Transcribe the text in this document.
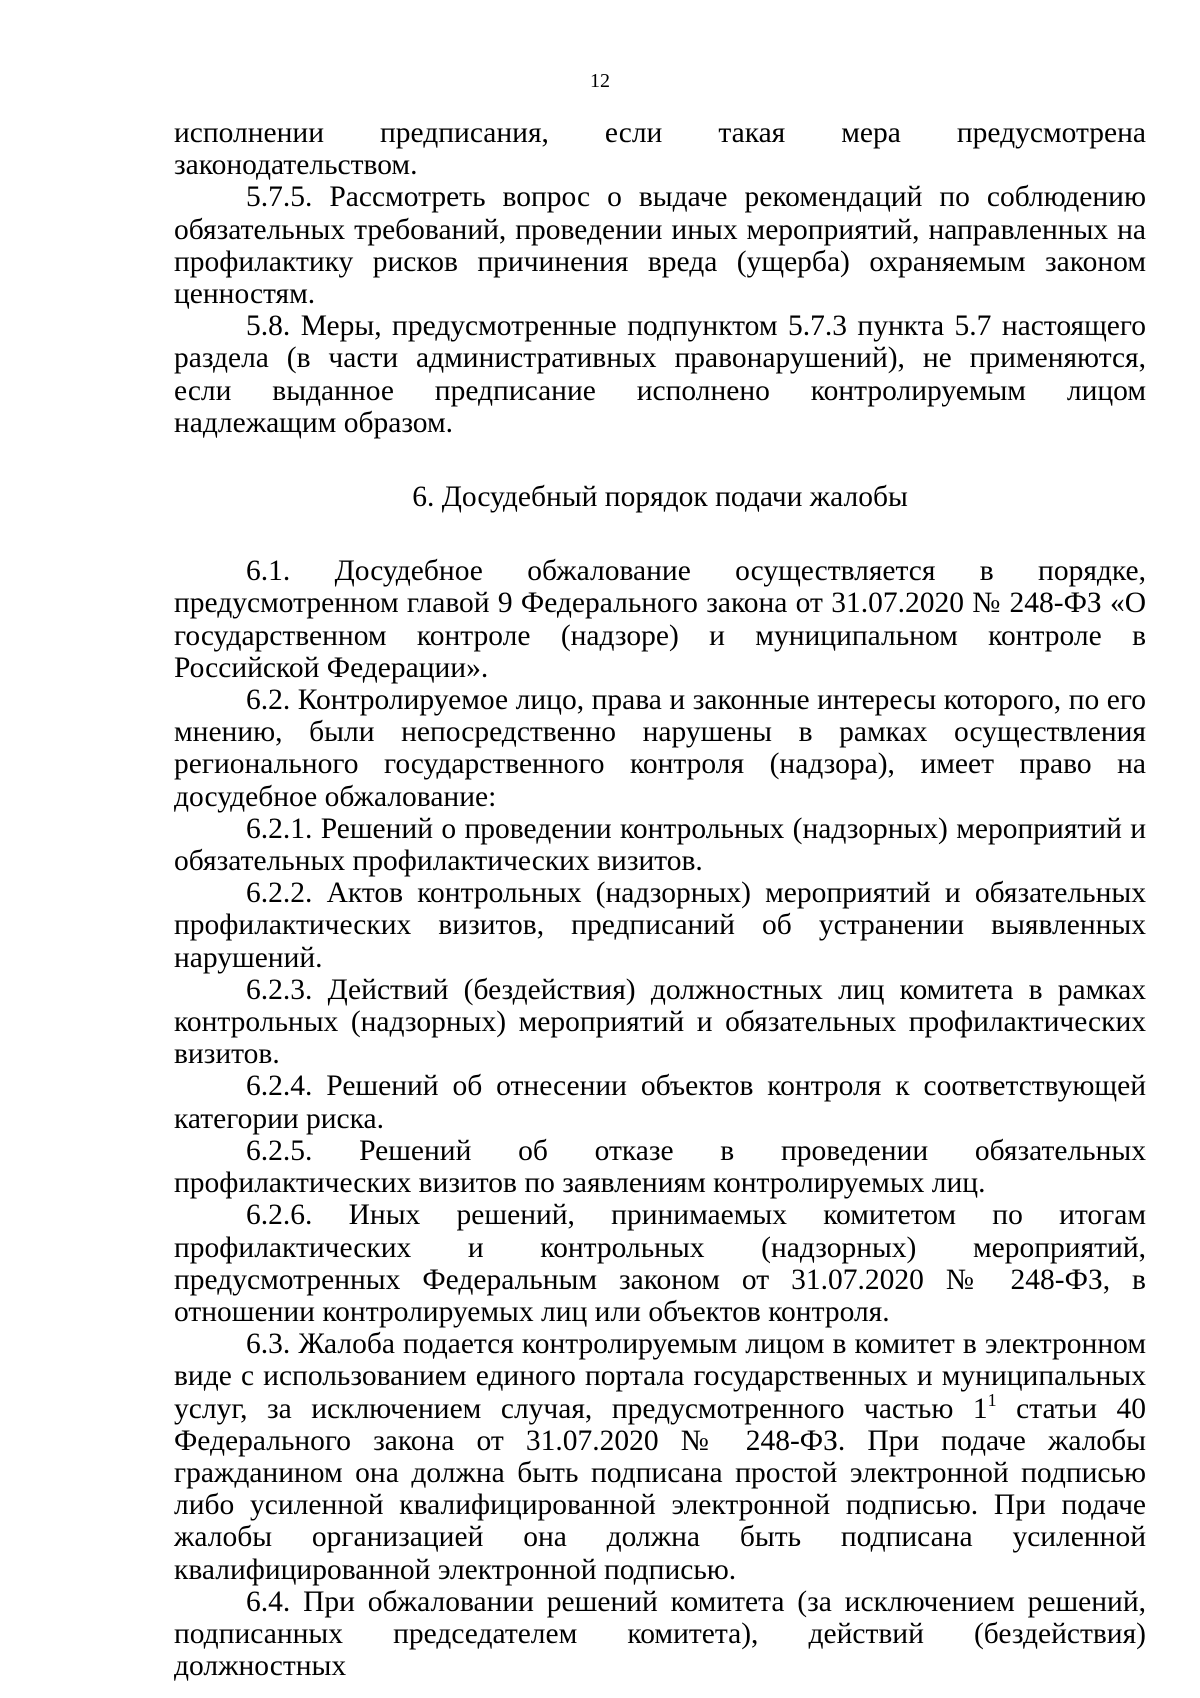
12

исполнении предписания, если такая мера предусмотрена законодательством.

5.7.5. Рассмотреть вопрос о выдаче рекомендаций по соблюдению обязательных требований, проведении иных мероприятий, направленных на профилактику рисков причинения вреда (ущерба) охраняемым законом ценностям.

5.8. Меры, предусмотренные подпунктом 5.7.3 пункта 5.7 настоящего раздела (в части административных правонарушений), не применяются, если выданное предписание исполнено контролируемым лицом надлежащим образом.

6. Досудебный порядок подачи жалобы

6.1. Досудебное обжалование осуществляется в порядке, предусмотренном главой 9 Федерального закона от 31.07.2020 № 248-ФЗ «О государственном контроле (надзоре) и муниципальном контроле в Российской Федерации».

6.2. Контролируемое лицо, права и законные интересы которого, по его мнению, были непосредственно нарушены в рамках осуществления регионального государственного контроля (надзора), имеет право на досудебное обжалование:

6.2.1. Решений о проведении контрольных (надзорных) мероприятий и обязательных профилактических визитов.

6.2.2. Актов контрольных (надзорных) мероприятий и обязательных профилактических визитов, предписаний об устранении выявленных нарушений.

6.2.3. Действий (бездействия) должностных лиц комитета в рамках контрольных (надзорных) мероприятий и обязательных профилактических визитов.

6.2.4. Решений об отнесении объектов контроля к соответствующей категории риска.

6.2.5. Решений об отказе в проведении обязательных профилактических визитов по заявлениям контролируемых лиц.

6.2.6. Иных решений, принимаемых комитетом по итогам профилактических и контрольных (надзорных) мероприятий, предусмотренных Федеральным законом от 31.07.2020 № 248-ФЗ, в отношении контролируемых лиц или объектов контроля.

6.3. Жалоба подается контролируемым лицом в комитет в электронном виде с использованием единого портала государственных и муниципальных услуг, за исключением случая, предусмотренного частью $1^1$ статьи 40 Федерального закона от 31.07.2020 № 248-ФЗ. При подаче жалобы гражданином она должна быть подписана простой электронной подписью либо усиленной квалифицированной электронной подписью. При подаче жалобы организацией она должна быть подписана усиленной квалифицированной электронной подписью.

6.4. При обжаловании решений комитета (за исключением решений, подписанных председателем комитета), действий (бездействия) должностных
